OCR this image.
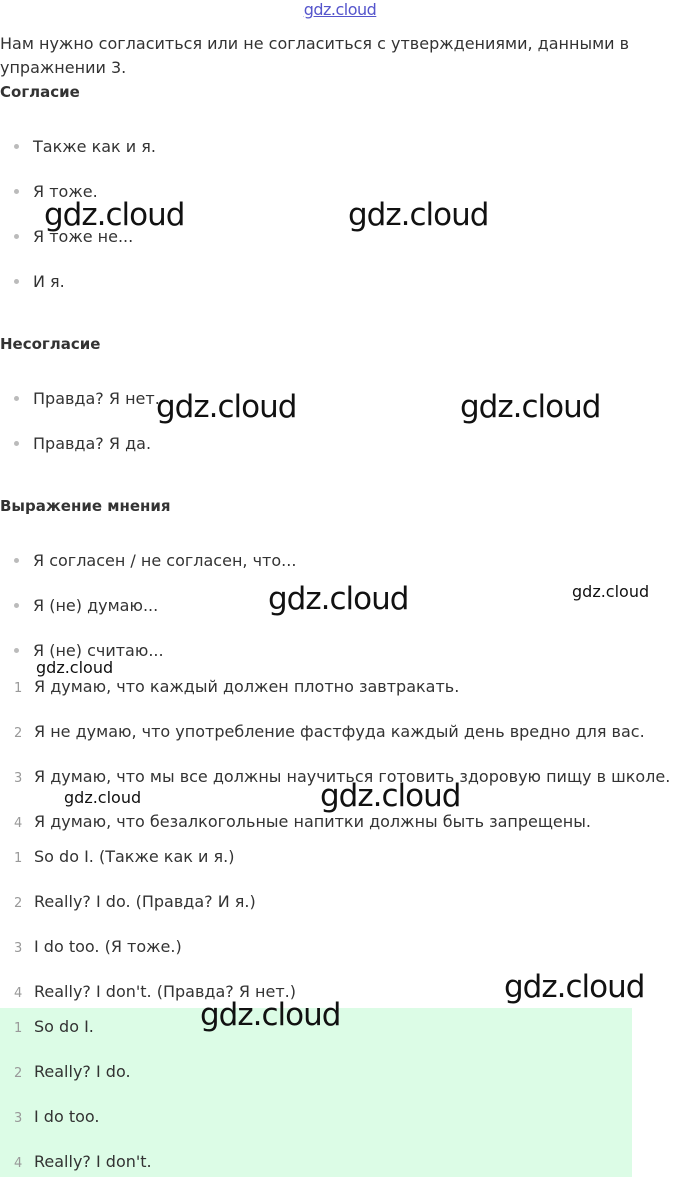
gdz.cloud
Нам нужно согласиться или не согласиться с утверждениями, данными в упражнении 3.
Согласие
Также как и я.
Я тоже.
Я тоже не...
И я.
Несогласие
Правда? Я нет.
Правда? Я да.
Выражение мнения
Я согласен / не согласен, что...
Я (не) думаю...
Я (не) считаю...
1 Я думаю, что каждый должен плотно завтракать.
2 Я не думаю, что употребление фастфуда каждый день вредно для вас.
3 Я думаю, что мы все должны научиться готовить здоровую пищу в школе.
4 Я думаю, что безалкогольные напитки должны быть запрещены.
1 So do I. (Также как и я.)
2 Really? I do. (Правда? И я.)
3 I do too. (Я тоже.)
4 Really? I don't. (Правда? Я нет.)
1 So do I.
2 Really? I do.
3 I do too.
4 Really? I don't.
gdz.cloud	gdz.cloud
gdz.cloud	gdz.cloud
gdz.cloud	gdz.cloud
gdz.cloud
gdz.cloud	gdz.cloud
gdz.cloud
gdz.cloud
